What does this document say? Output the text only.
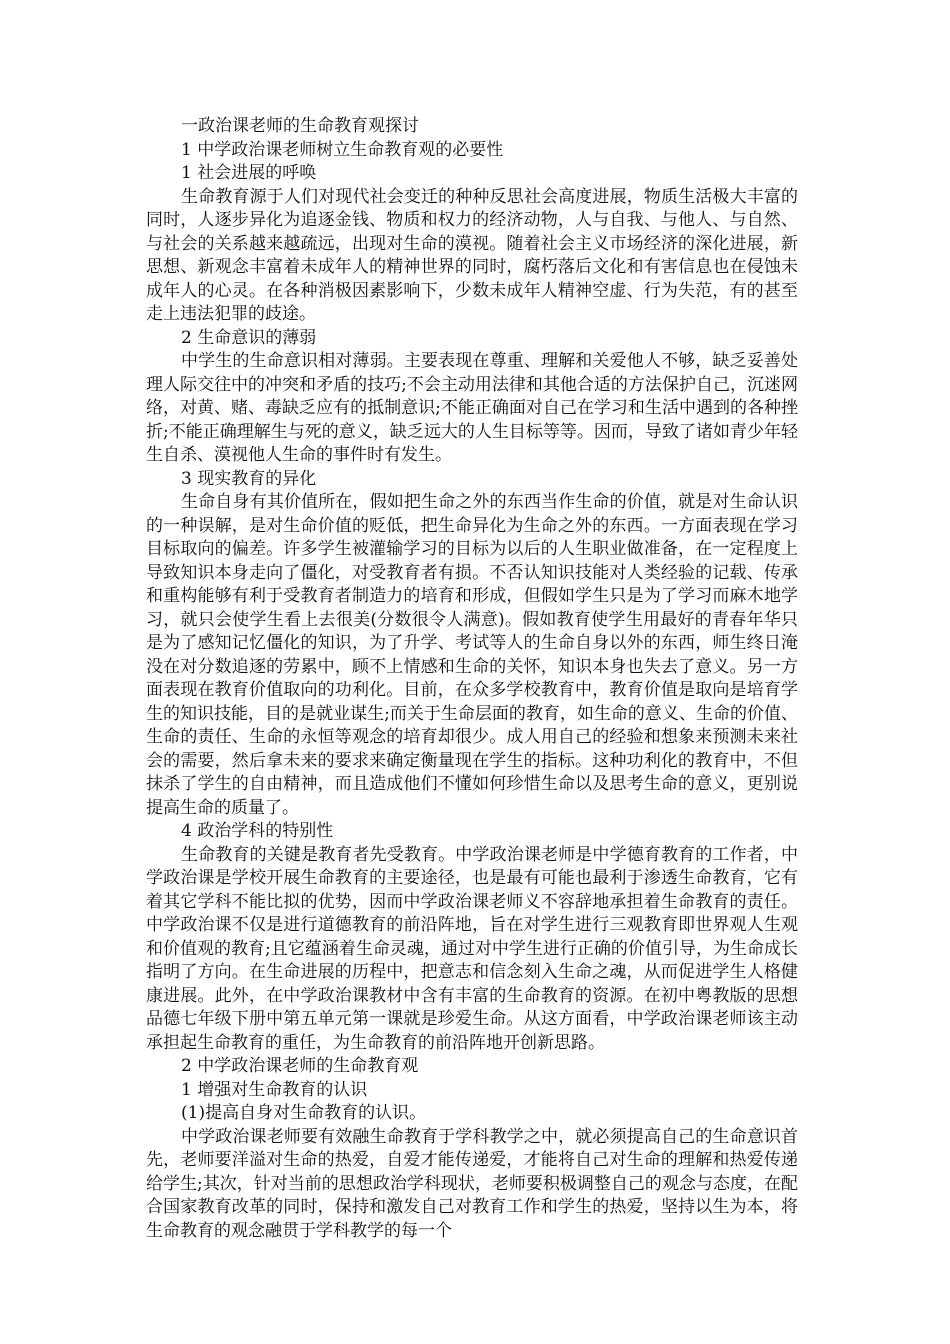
一政治课老师的生命教育观探讨

1 中学政治课老师树立生命教育观的必要性

1 社会进展的呼唤

生命教育源于人们对现代社会变迁的种种反思社会高度进展，物质生活极大丰富的同时，人逐步异化为追逐金钱、物质和权力的经济动物，人与自我、与他人、与自然、与社会的关系越来越疏远，出现对生命的漠视。随着社会主义市场经济的深化进展，新思想、新观念丰富着未成年人的精神世界的同时，腐朽落后文化和有害信息也在侵蚀未成年人的心灵。在各种消极因素影响下，少数未成年人精神空虚、行为失范，有的甚至走上违法犯罪的歧途。

2 生命意识的薄弱

中学生的生命意识相对薄弱。主要表现在尊重、理解和关爱他人不够，缺乏妥善处理人际交往中的冲突和矛盾的技巧;不会主动用法律和其他合适的方法保护自己，沉迷网络，对黄、赌、毒缺乏应有的抵制意识;不能正确面对自己在学习和生活中遇到的各种挫折;不能正确理解生与死的意义，缺乏远大的人生目标等等。因而，导致了诸如青少年轻生自杀、漠视他人生命的事件时有发生。

3 现实教育的异化

生命自身有其价值所在，假如把生命之外的东西当作生命的价值，就是对生命认识的一种误解，是对生命价值的贬低，把生命异化为生命之外的东西。一方面表现在学习目标取向的偏差。许多学生被灌输学习的目标为以后的人生职业做准备，在一定程度上导致知识本身走向了僵化，对受教育者有损。不否认知识技能对人类经验的记载、传承和重构能够有利于受教育者制造力的培育和形成，但假如学生只是为了学习而麻木地学习，就只会使学生看上去很美(分数很令人满意)。假如教育使学生用最好的青春年华只是为了感知记忆僵化的知识，为了升学、考试等人的生命自身以外的东西，师生终日淹没在对分数追逐的劳累中，顾不上情感和生命的关怀，知识本身也失去了意义。另一方面表现在教育价值取向的功利化。目前，在众多学校教育中，教育价值是取向是培育学生的知识技能，目的是就业谋生;而关于生命层面的教育，如生命的意义、生命的价值、生命的责任、生命的永恒等观念的培育却很少。成人用自己的经验和想象来预测未来社会的需要，然后拿未来的要求来确定衡量现在学生的指标。这种功利化的教育中，不但抹杀了学生的自由精神，而且造成他们不懂如何珍惜生命以及思考生命的意义，更别说提高生命的质量了。

4 政治学科的特别性

生命教育的关键是教育者先受教育。中学政治课老师是中学德育教育的工作者，中学政治课是学校开展生命教育的主要途径，也是最有可能也最利于渗透生命教育，它有着其它学科不能比拟的优势，因而中学政治课老师义不容辞地承担着生命教育的责任。中学政治课不仅是进行道德教育的前沿阵地，旨在对学生进行三观教育即世界观人生观和价值观的教育;且它蕴涵着生命灵魂，通过对中学生进行正确的价值引导，为生命成长指明了方向。在生命进展的历程中，把意志和信念刻入生命之魂，从而促进学生人格健康进展。此外，在中学政治课教材中含有丰富的生命教育的资源。在初中粤教版的思想品德七年级下册中第五单元第一课就是珍爱生命。从这方面看，中学政治课老师该主动承担起生命教育的重任，为生命教育的前沿阵地开创新思路。

2 中学政治课老师的生命教育观

1 增强对生命教育的认识

(1)提高自身对生命教育的认识。

中学政治课老师要有效融生命教育于学科教学之中，就必须提高自己的生命意识首先，老师要洋溢对生命的热爱，自爱才能传递爱，才能将自己对生命的理解和热爱传递给学生;其次，针对当前的思想政治学科现状，老师要积极调整自己的观念与态度，在配合国家教育改革的同时，保持和激发自己对教育工作和学生的热爱，坚持以生为本，将生命教育的观念融贯于学科教学的每一个
